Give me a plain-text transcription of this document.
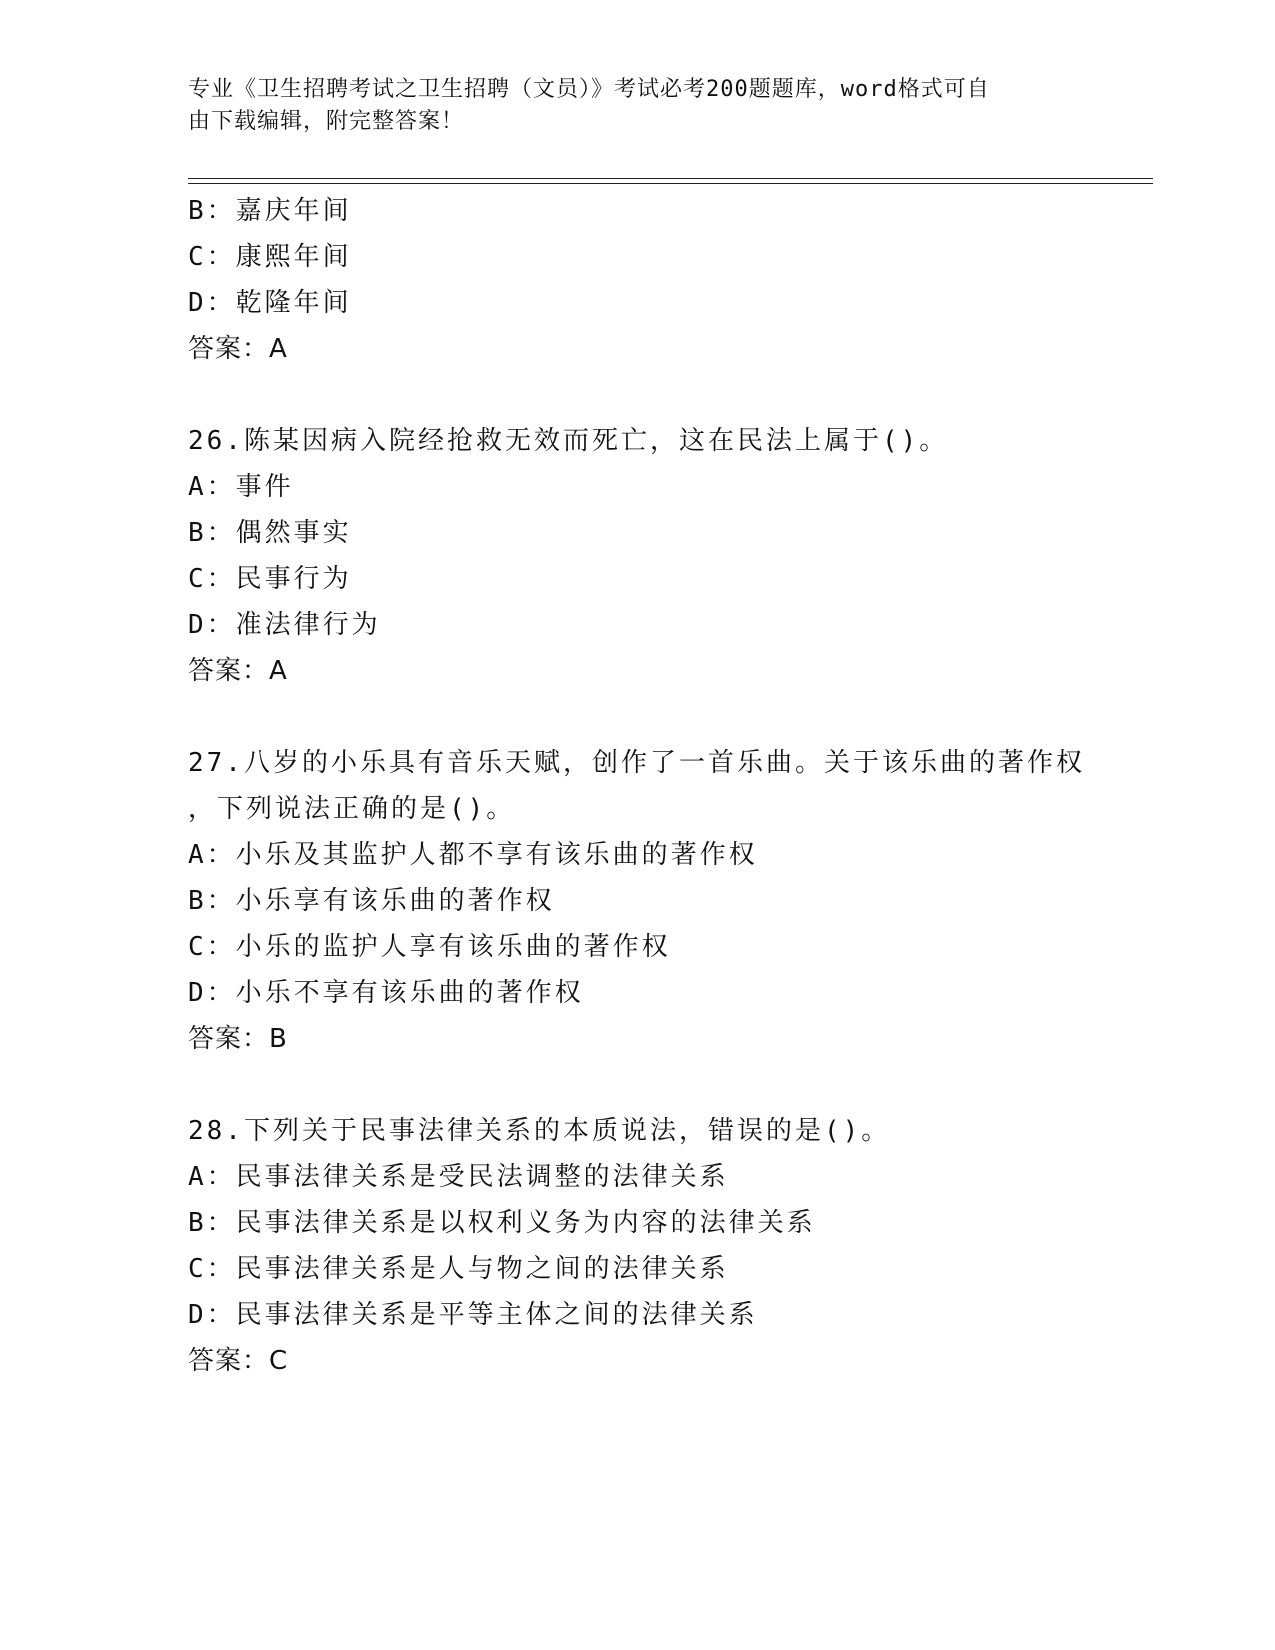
专业《卫生招聘考试之卫生招聘（文员）》考试必考200题题库，word格式可自
由下载编辑，附完整答案！
B：嘉庆年间
C：康熙年间
D：乾隆年间
答案：A
26.陈某因病入院经抢救无效而死亡，这在民法上属于()。
A：事件
B：偶然事实
C：民事行为
D：准法律行为
答案：A
27.八岁的小乐具有音乐天赋，创作了一首乐曲。关于该乐曲的著作权
，下列说法正确的是()。
A：小乐及其监护人都不享有该乐曲的著作权
B：小乐享有该乐曲的著作权
C：小乐的监护人享有该乐曲的著作权
D：小乐不享有该乐曲的著作权
答案：B
28.下列关于民事法律关系的本质说法，错误的是()。
A：民事法律关系是受民法调整的法律关系
B：民事法律关系是以权利义务为内容的法律关系
C：民事法律关系是人与物之间的法律关系
D：民事法律关系是平等主体之间的法律关系
答案：C
